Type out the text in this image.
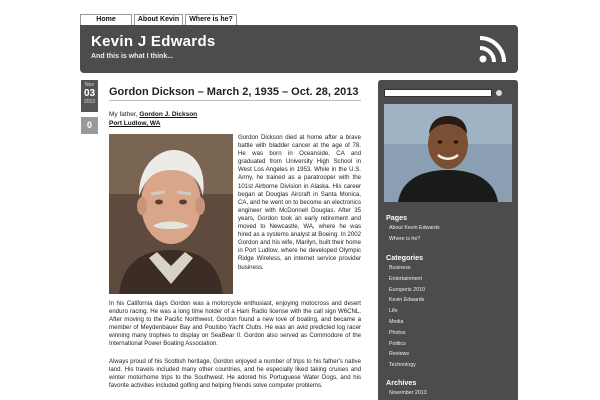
Home	About Kevin	Where is he?
Kevin J Edwards
And this is what I think...
Nov
03
2013
0
Gordon Dickson – March 2, 1935 – Oct. 28, 2013
My father, Gordon J. Dickson
Port Ludlow, WA
Gordon Dickson died at home after a brave battle with bladder cancer at the age of 78. He was born in Oceanside, CA and graduated from University High School in West Los Angeles in 1953. While in the U.S. Army, he trained as a paratrooper with the 101st Airborne Division in Alaska. His career began at Douglas Aircraft in Santa Monica, CA, and he went on to become an electronics engineer with McDonnell Douglas. After 35 years, Gordon took an early retirement and moved to Newcastle, WA, where he was hired as a systems analyst at Boeing. In 2002 Gordon and his wife, Marilyn, built their home in Port Ludlow, where he developed Olympic Ridge Wireless, an internet service provider business.
In his California days Gordon was a motorcycle enthusiast, enjoying motocross and desert enduro racing. He was a long time holder of a Ham Radio license with the call sign W6CNL. After moving to the Pacific Northwest, Gordon found a new love of boating, and became a member of Meydenbauer Bay and Poulsbo Yacht Clubs. He was an avid predicted log racer winning many trophies to display on SeaBear II. Gordon also served as Commodore of the International Power Boating Association.
Always proud of his Scottish heritage, Gordon enjoyed a number of trips to his father's native land. His travels included many other countries, and he especially liked taking cruises and winter motorhome trips to the Southwest. He adored his Portuguese Water Dogs, and his favorite activities included golfing and helping friends solve computer problems.
Pages
About Kevin Edwards
Where is he?
Categories
Business
Entertainment
Europeris 2010
Kevin Edwards
Life
Media
Photos
Politics
Reviews
Technology
Archives
November 2013
